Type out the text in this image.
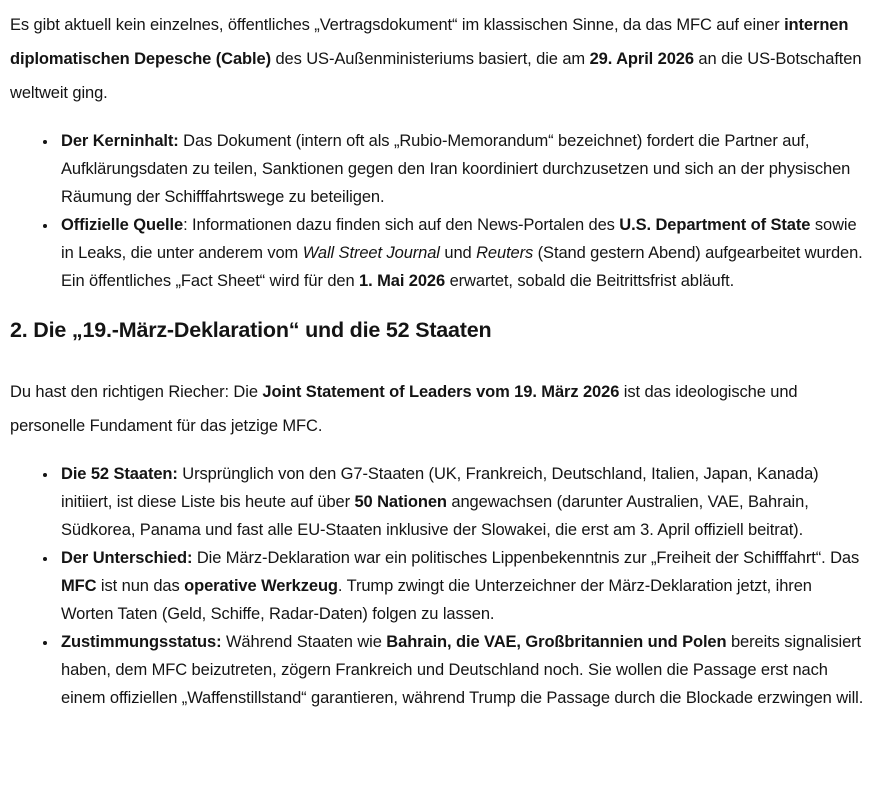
Es gibt aktuell kein einzelnes, öffentliches „Vertragsdokument“ im klassischen Sinne, da das MFC auf einer internen diplomatischen Depesche (Cable) des US-Außenministeriums basiert, die am 29. April 2026 an die US-Botschaften weltweit ging.

• Der Kerninhalt: Das Dokument (intern oft als „Rubio-Memorandum“ bezeichnet) fordert die Partner auf, Aufklärungsdaten zu teilen, Sanktionen gegen den Iran koordiniert durchzusetzen und sich an der physischen Räumung der Schifffahrtswege zu beteiligen.
• Offizielle Quelle: Informationen dazu finden sich auf den News-Portalen des U.S. Department of State sowie in Leaks, die unter anderem vom Wall Street Journal und Reuters (Stand gestern Abend) aufgearbeitet wurden. Ein öffentliches „Fact Sheet“ wird für den 1. Mai 2026 erwartet, sobald die Beitrittsfrist abläuft.
2. Die „19.-März-Deklaration“ und die 52 Staaten

Du hast den richtigen Riecher: Die Joint Statement of Leaders vom 19. März 2026 ist das ideologische und personelle Fundament für das jetzige MFC.

• Die 52 Staaten: Ursprünglich von den G7-Staaten (UK, Frankreich, Deutschland, Italien, Japan, Kanada) initiiert, ist diese Liste bis heute auf über 50 Nationen angewachsen (darunter Australien, VAE, Bahrain, Südkorea, Panama und fast alle EU-Staaten inklusive der Slowakei, die erst am 3. April offiziell beitrat).
• Der Unterschied: Die März-Deklaration war ein politisches Lippenbekenntnis zur „Freiheit der Schifffahrt“. Das MFC ist nun das operative Werkzeug. Trump zwingt die Unterzeichner der März-Deklaration jetzt, ihren Worten Taten (Geld, Schiffe, Radar-Daten) folgen zu lassen.
• Zustimmungsstatus: Während Staaten wie Bahrain, die VAE, Großbritannien und Polen bereits signalisiert haben, dem MFC beizutreten, zögern Frankreich und Deutschland noch. Sie wollen die Passage erst nach einem offiziellen „Waffenstillstand“ garantieren, während Trump die Passage durch die Blockade erzwingen will.
